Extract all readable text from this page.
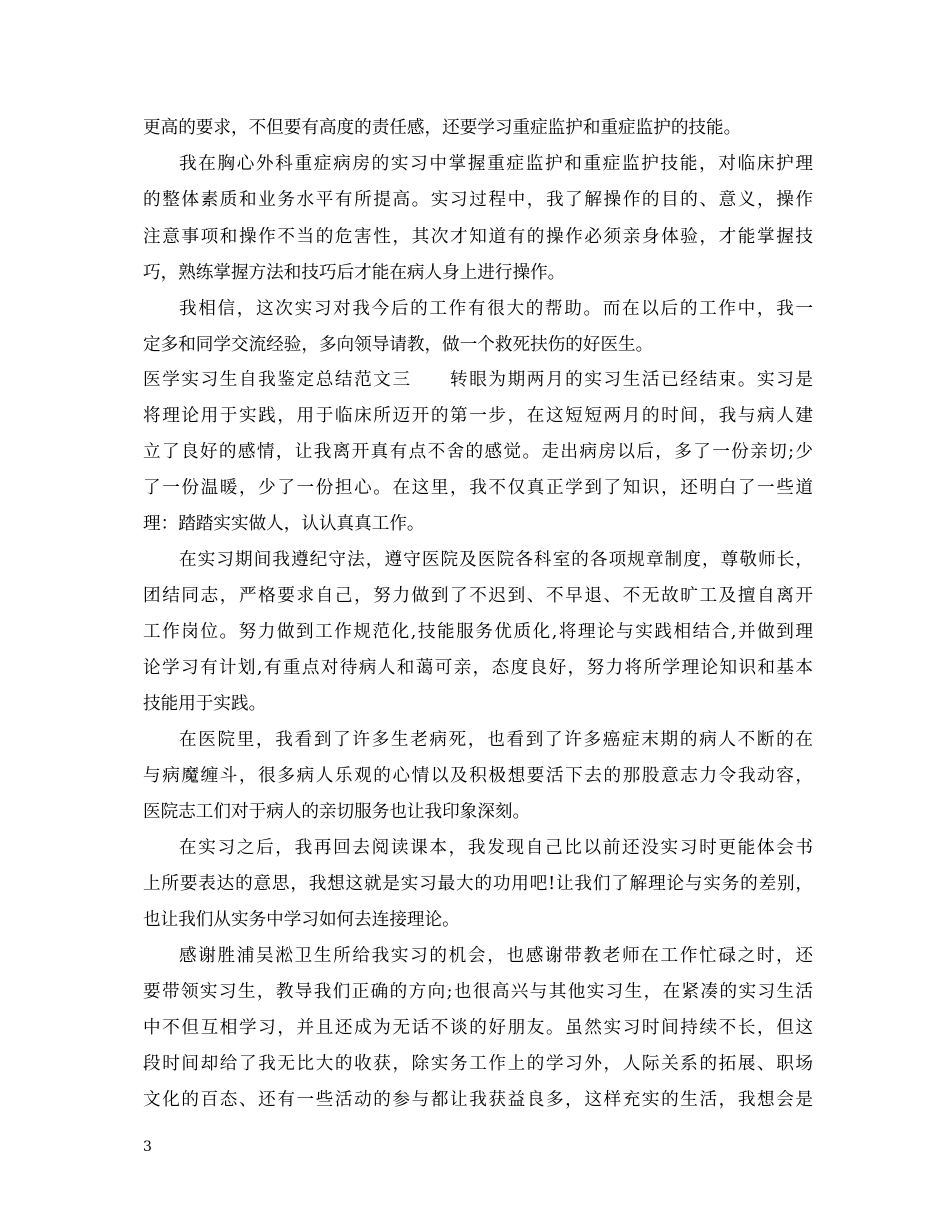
更高的要求，不但要有高度的责任感，还要学习重症监护和重症监护的技能。
我在胸心外科重症病房的实习中掌握重症监护和重症监护技能，对临床护理
的整体素质和业务水平有所提高。实习过程中，我了解操作的目的、意义，操作
注意事项和操作不当的危害性，其次才知道有的操作必须亲身体验，才能掌握技
巧，熟练掌握方法和技巧后才能在病人身上进行操作。
我相信，这次实习对我今后的工作有很大的帮助。而在以后的工作中，我一
定多和同学交流经验，多向领导请教，做一个救死扶伤的好医生。
医学实习生自我鉴定总结范文三　　转眼为期两月的实习生活已经结束。实习是
将理论用于实践，用于临床所迈开的第一步，在这短短两月的时间，我与病人建
立了良好的感情，让我离开真有点不舍的感觉。走出病房以后，多了一份亲切;少
了一份温暖，少了一份担心。在这里，我不仅真正学到了知识，还明白了一些道
理：踏踏实实做人，认认真真工作。
在实习期间我遵纪守法，遵守医院及医院各科室的各项规章制度，尊敬师长，
团结同志，严格要求自己，努力做到了不迟到、不早退、不无故旷工及擅自离开
工作岗位。努力做到工作规范化,技能服务优质化,将理论与实践相结合,并做到理
论学习有计划,有重点对待病人和蔼可亲，态度良好，努力将所学理论知识和基本
技能用于实践。
在医院里，我看到了许多生老病死，也看到了许多癌症末期的病人不断的在
与病魔缠斗，很多病人乐观的心情以及积极想要活下去的那股意志力令我动容，
医院志工们对于病人的亲切服务也让我印象深刻。
在实习之后，我再回去阅读课本，我发现自己比以前还没实习时更能体会书
上所要表达的意思，我想这就是实习最大的功用吧!让我们了解理论与实务的差别，
也让我们从实务中学习如何去连接理论。
感谢胜浦吴淞卫生所给我实习的机会，也感谢带教老师在工作忙碌之时，还
要带领实习生，教导我们正确的方向;也很高兴与其他实习生，在紧凑的实习生活
中不但互相学习，并且还成为无话不谈的好朋友。虽然实习时间持续不长，但这
段时间却给了我无比大的收获，除实务工作上的学习外，人际关系的拓展、职场
文化的百态、还有一些活动的参与都让我获益良多，这样充实的生活，我想会是
3
